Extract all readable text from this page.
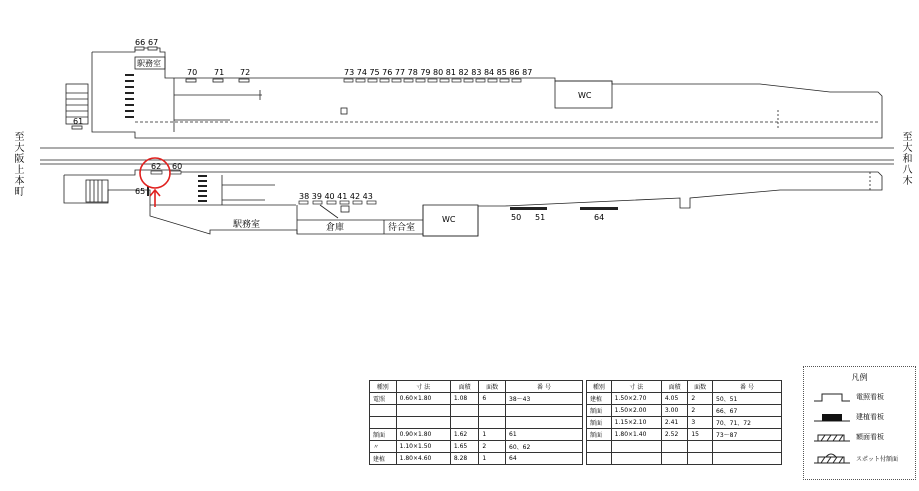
66 67
駅務室
70 71 72	73 74 75 76 77 78 79 80 81 82 83 84 85 86 87
WC
61
62 60
65
38 39 40 41 42 43
駅務室	倉庫	待合室
WC	50 51	64
至大阪上本町
至大和八木
種別	寸 法	面積	面数	番 号
電照	0.60×1.80	1.08	6	38～43

額面	0.90×1.80	1.62	1	61
〃	1.10×1.50	1.65	2	60、62
建植	1.80×4.60	8.28	1	64
種別	寸 法	面積	面数	番 号
建植	1.50×2.70	4.05	2	50、51
額面	1.50×2.00	3.00	2	66、67
額面	1.15×2.10	2.41	3	70、71、72
額面	1.80×1.40	2.52	15	73～87

凡例
電照看板
建植看板
額面看板
スポット付額面
